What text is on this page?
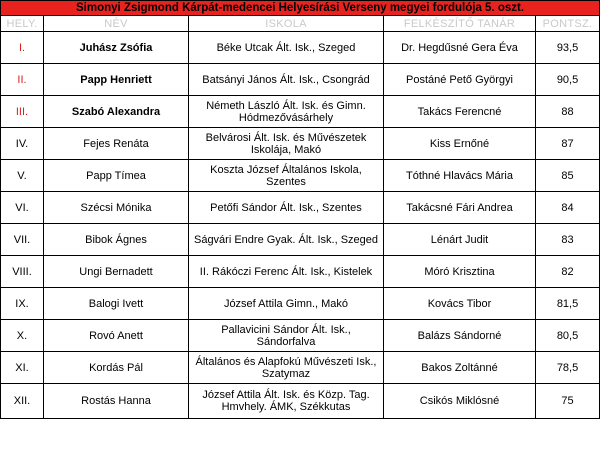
Simonyi Zsigmond Kárpát-medencei Helyesírási Verseny megyei fordulója 5. oszt.				
HELY.	NÉV	ISKOLA	FELKÉSZÍTŐ TANÁR	PONTSZ.
I.	Juhász Zsófia	Béke Utcak Ált. Isk., Szeged	Dr. Hegdűsné Gera Éva	93,5
II.	Papp Henriett	Batsányi János Ált. Isk., Csongrád	Postáné Pető Györgyi	90,5
III.	Szabó Alexandra	Németh László Ált. Isk. és Gimn. Hódmezővásárhely	Takács Ferencné	88
IV.	Fejes Renáta	Belvárosi Ált. Isk. és Művészetek Iskolája, Makó	Kiss Ernőné	87
V.	Papp Tímea	Koszta József Általános Iskola, Szentes	Tóthné Hlavács Mária	85
VI.	Szécsi Mónika	Petőfi Sándor Ált. Isk., Szentes	Takácsné Fári Andrea	84
VII.	Bibok Ágnes	Ságvári Endre Gyak. Ált. Isk., Szeged	Lénárt Judit	83
VIII.	Ungi Bernadett	II. Rákóczi Ferenc Ált. Isk., Kistelek	Móró Krisztina	82
IX.	Balogi Ivett	József Attila Gimn., Makó	Kovács Tibor	81,5
X.	Rovó Anett	Pallavicini Sándor Ált. Isk., Sándorfalva	Balázs Sándorné	80,5
XI.	Kordás Pál	Általános és Alapfokú Művészeti Isk., Szatymaz	Bakos Zoltánné	78,5
XII.	Rostás Hanna	József Attila Ált. Isk. és Közp. Tag. Hmvhely. ÁMK, Székkutas	Csikós Miklósné	75
